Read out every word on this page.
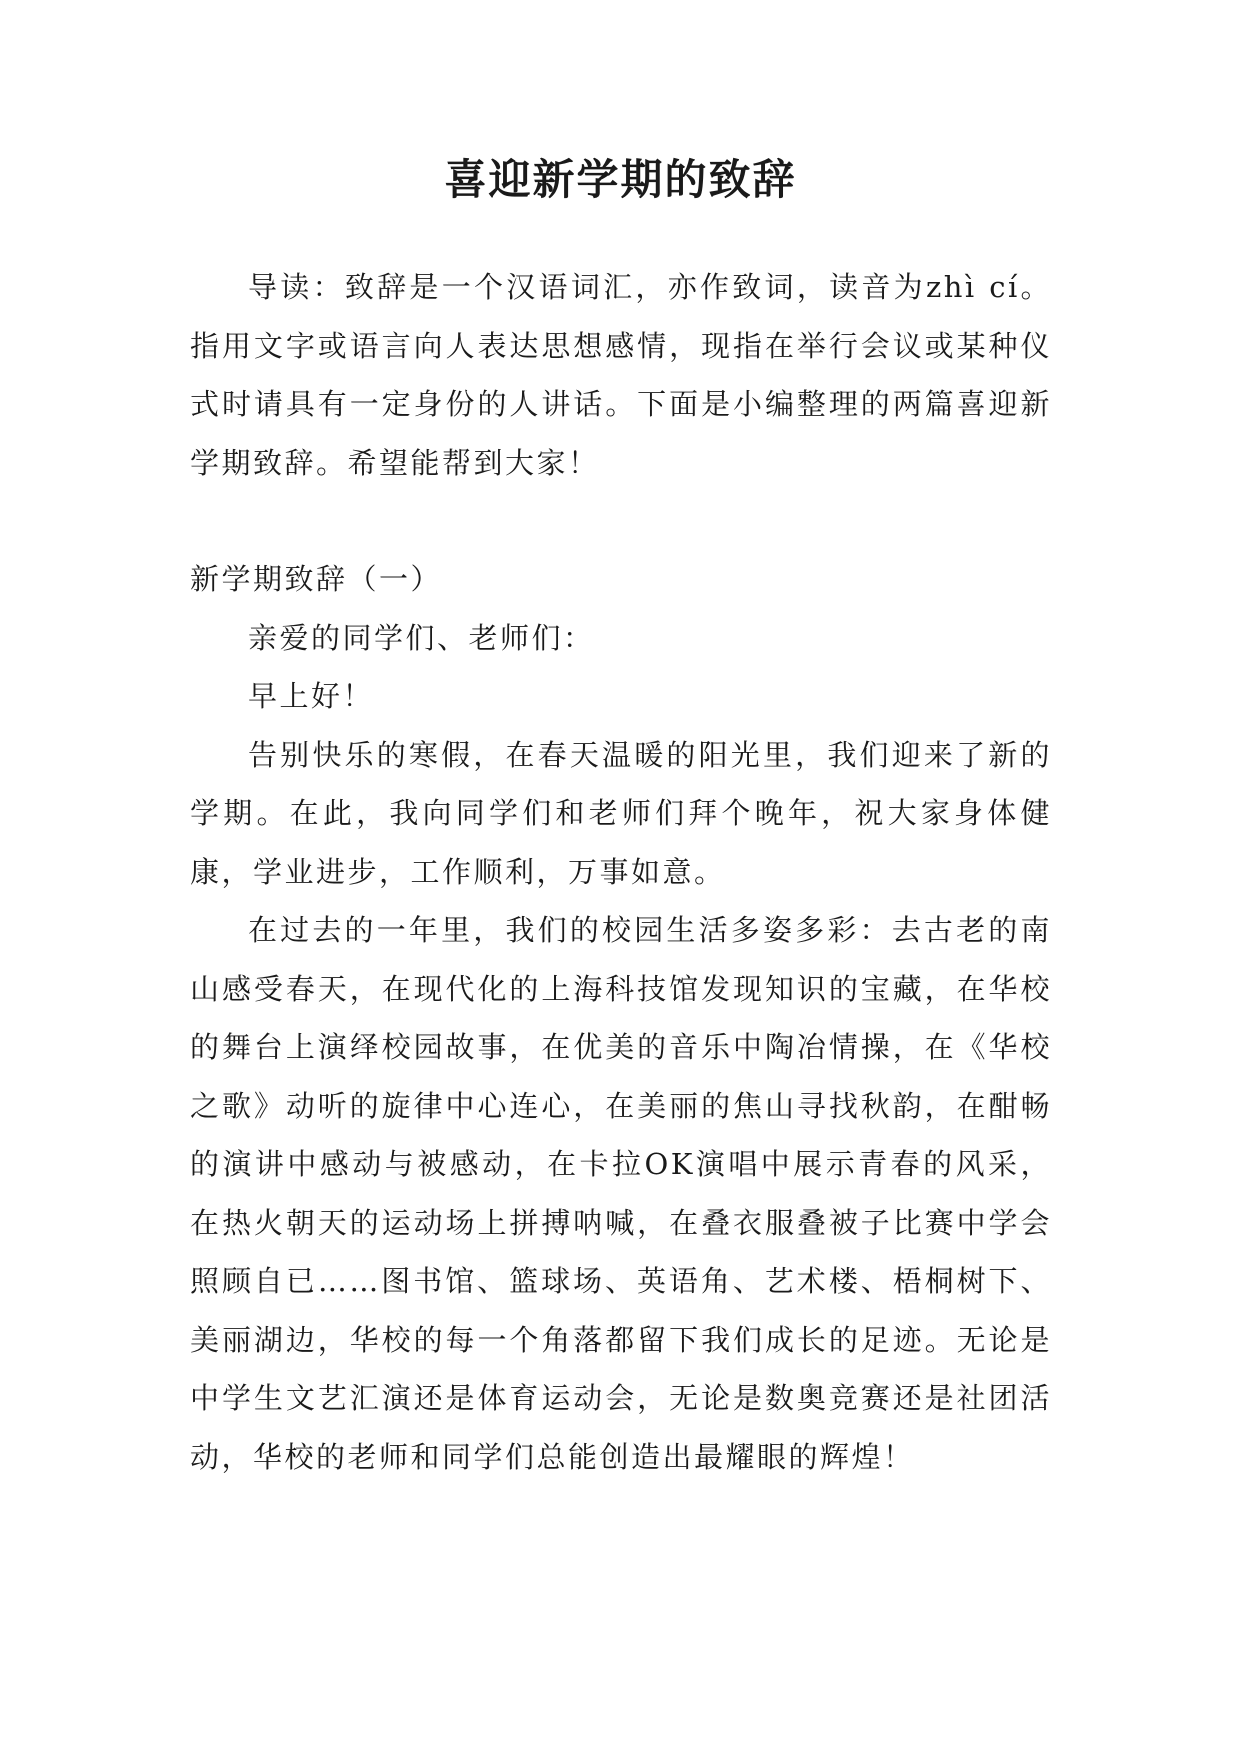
喜迎新学期的致辞

导读：致辞是一个汉语词汇，亦作致词，读音为zhì cí。指用文字或语言向人表达思想感情，现指在举行会议或某种仪式时请具有一定身份的人讲话。下面是小编整理的两篇喜迎新学期致辞。希望能帮到大家！

新学期致辞（一）

亲爱的同学们、老师们：

早上好！

告别快乐的寒假，在春天温暖的阳光里，我们迎来了新的学期。在此，我向同学们和老师们拜个晚年，祝大家身体健康，学业进步，工作顺利，万事如意。

在过去的一年里，我们的校园生活多姿多彩：去古老的南山感受春天，在现代化的上海科技馆发现知识的宝藏，在华校的舞台上演绎校园故事，在优美的音乐中陶冶情操，在《华校之歌》动听的旋律中心连心，在美丽的焦山寻找秋韵，在酣畅的演讲中感动与被感动，在卡拉OK演唱中展示青春的风采，在热火朝天的运动场上拼搏呐喊，在叠衣服叠被子比赛中学会照顾自已……图书馆、篮球场、英语角、艺术楼、梧桐树下、美丽湖边，华校的每一个角落都留下我们成长的足迹。无论是中学生文艺汇演还是体育运动会，无论是数奥竞赛还是社团活动，华校的老师和同学们总能创造出最耀眼的辉煌！
